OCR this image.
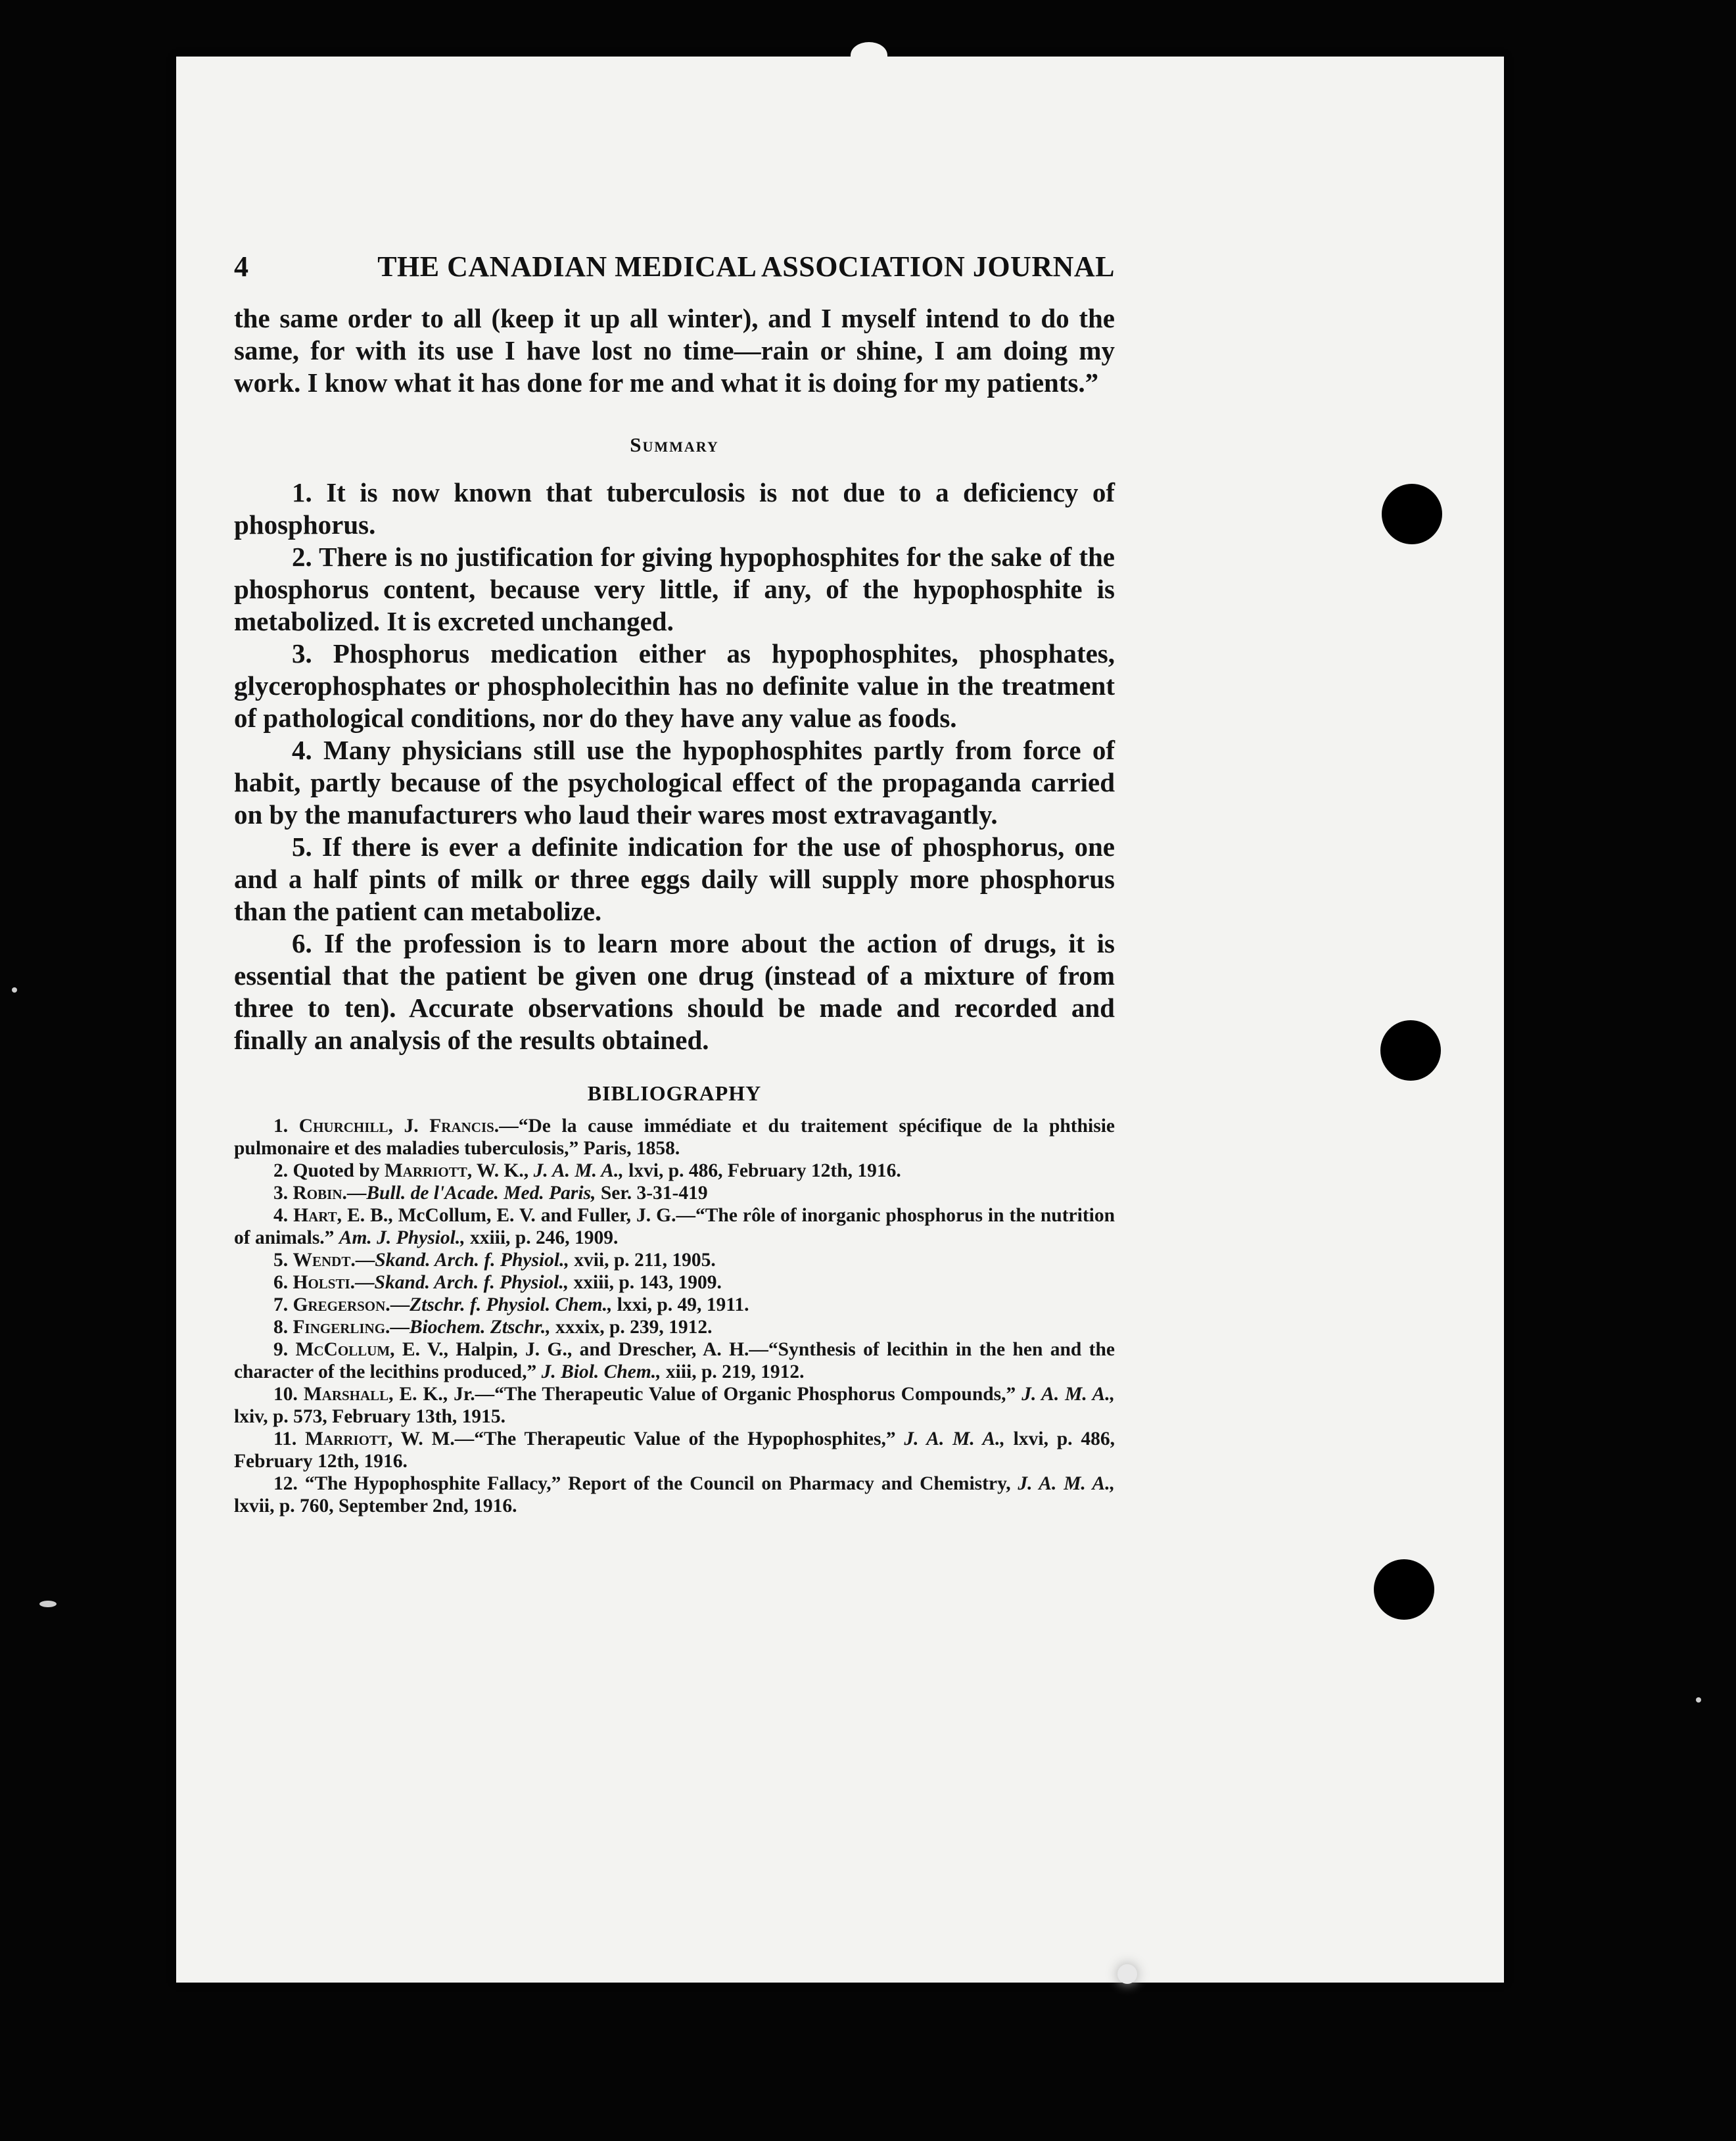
4	THE CANADIAN MEDICAL ASSOCIATION JOURNAL

the same order to all (keep it up all winter), and I myself intend to do the same, for with its use I have lost no time—rain or shine, I am doing my work. I know what it has done for me and what it is doing for my patients.”

Summary

1. It is now known that tuberculosis is not due to a deficiency of phosphorus.

2. There is no justification for giving hypophosphites for the sake of the phosphorus content, because very little, if any, of the hypophosphite is metabolized. It is excreted unchanged.

3. Phosphorus medication either as hypophosphites, phosphates, glycerophosphates or phospholecithin has no definite value in the treatment of pathological conditions, nor do they have any value as foods.

4. Many physicians still use the hypophosphites partly from force of habit, partly because of the psychological effect of the propaganda carried on by the manufacturers who laud their wares most extravagantly.

5. If there is ever a definite indication for the use of phosphorus, one and a half pints of milk or three eggs daily will supply more phosphorus than the patient can metabolize.

6. If the profession is to learn more about the action of drugs, it is essential that the patient be given one drug (instead of a mixture of from three to ten). Accurate observations should be made and recorded and finally an analysis of the results obtained.

BIBLIOGRAPHY

1. Churchill, J. Francis.—“De la cause immédiate et du traitement spécifique de la phthisie pulmonaire et des maladies tuberculosis,” Paris, 1858.

2. Quoted by Marriott, W. K., J. A. M. A., lxvi, p. 486, February 12th, 1916.

3. Robin.—Bull. de l'Acade. Med. Paris, Ser. 3-31-419

4. Hart, E. B., McCollum, E. V. and Fuller, J. G.—“The rôle of inorganic phosphorus in the nutrition of animals.” Am. J. Physiol., xxiii, p. 246, 1909.

5. Wendt.—Skand. Arch. f. Physiol., xvii, p. 211, 1905.

6. Holsti.—Skand. Arch. f. Physiol., xxiii, p. 143, 1909.

7. Gregerson.—Ztschr. f. Physiol. Chem., lxxi, p. 49, 1911.

8. Fingerling.—Biochem. Ztschr., xxxix, p. 239, 1912.

9. McCollum, E. V., Halpin, J. G., and Drescher, A. H.—“Synthesis of lecithin in the hen and the character of the lecithins produced,” J. Biol. Chem., xiii, p. 219, 1912.

10. Marshall, E. K., Jr.—“The Therapeutic Value of Organic Phosphorus Compounds,” J. A. M. A., lxiv, p. 573, February 13th, 1915.

11. Marriott, W. M.—“The Therapeutic Value of the Hypophosphites,” J. A. M. A., lxvi, p. 486, February 12th, 1916.

12. “The Hypophosphite Fallacy,” Report of the Council on Pharmacy and Chemistry, J. A. M. A., lxvii, p. 760, September 2nd, 1916.
